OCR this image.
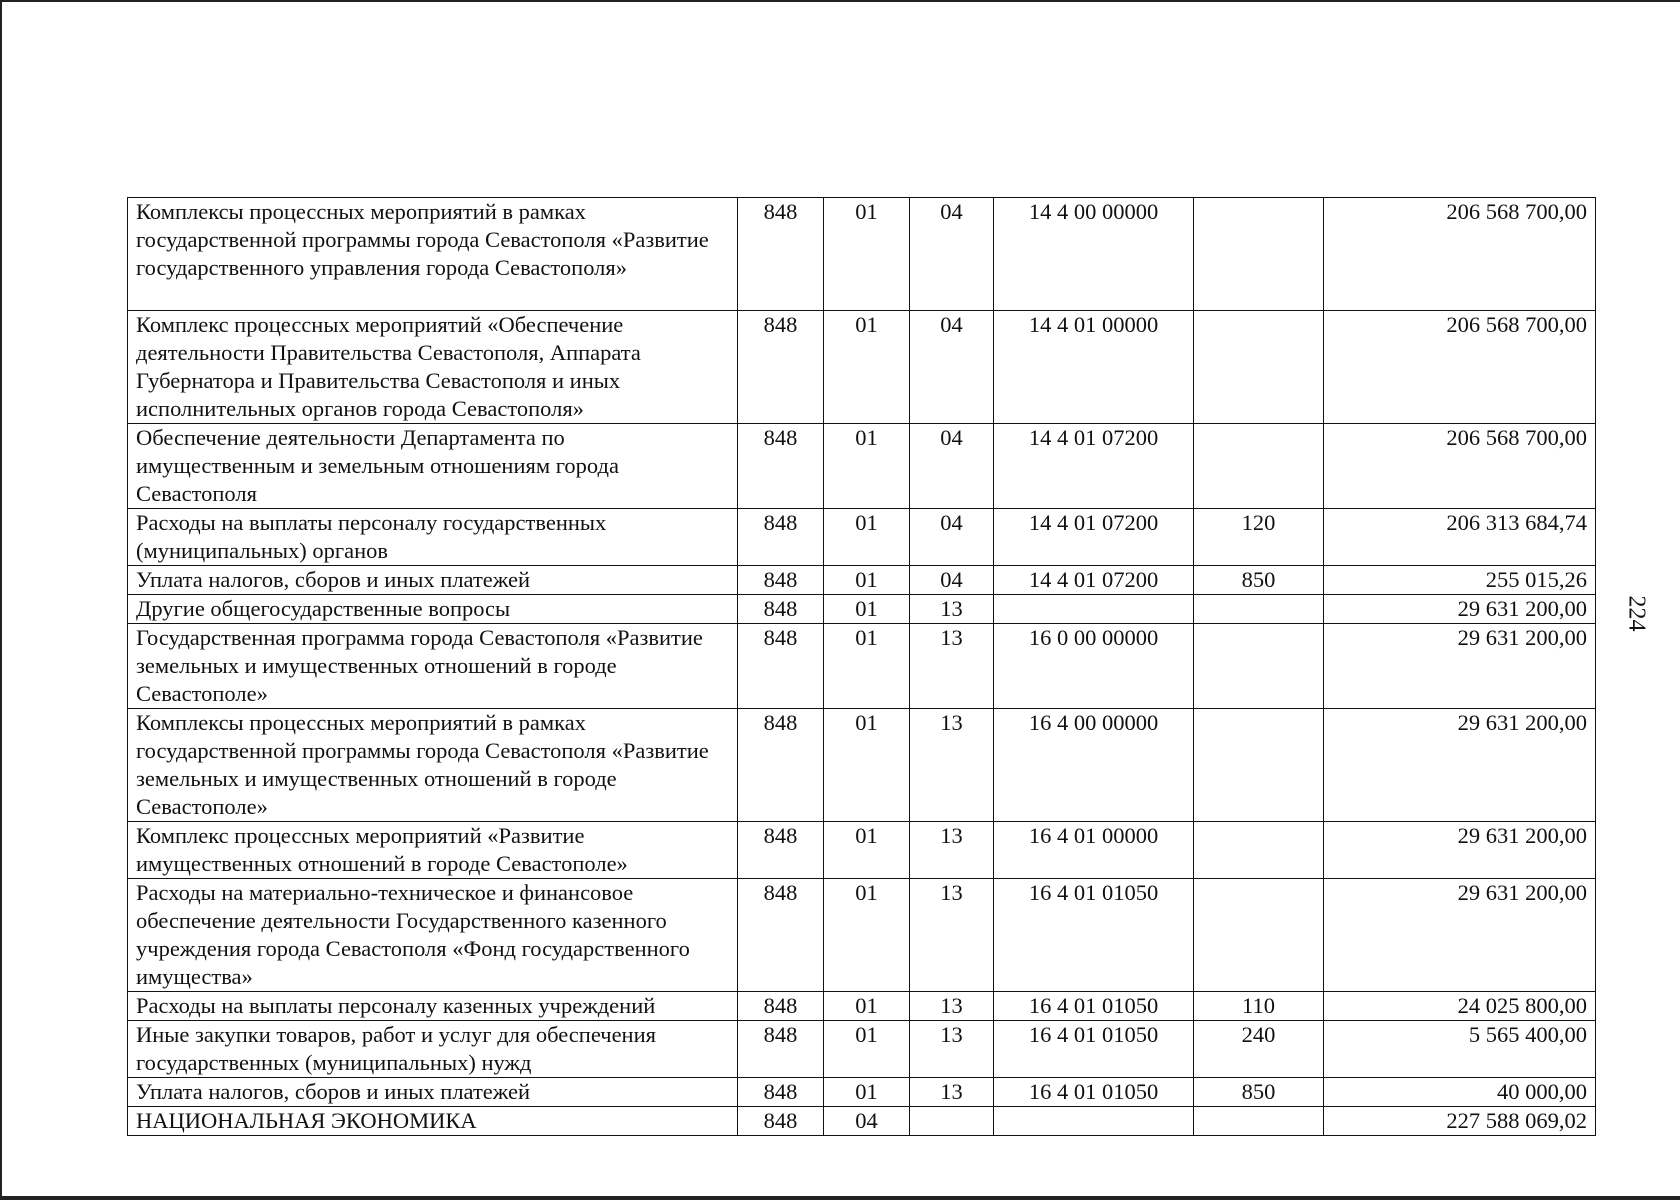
Комплексы процессных мероприятий в рамках государственной программы города Севастополя «Развитие государственного управления города Севастополя»	848	01	04	14 4 00 00000		206 568 700,00
Комплекс процессных мероприятий «Обеспечение деятельности Правительства Севастополя, Аппарата Губернатора и Правительства Севастополя и иных исполнительных органов города Севастополя»	848	01	04	14 4 01 00000		206 568 700,00
Обеспечение деятельности Департамента по имущественным и земельным отношениям города Севастополя	848	01	04	14 4 01 07200		206 568 700,00
Расходы на выплаты персоналу государственных (муниципальных) органов	848	01	04	14 4 01 07200	120	206 313 684,74
Уплата налогов, сборов и иных платежей	848	01	04	14 4 01 07200	850	255 015,26
Другие общегосударственные вопросы	848	01	13			29 631 200,00
Государственная программа города Севастополя «Развитие земельных и имущественных отношений в городе Севастополе»	848	01	13	16 0 00 00000		29 631 200,00
Комплексы процессных мероприятий в рамках государственной программы города Севастополя «Развитие земельных и имущественных отношений в городе Севастополе»	848	01	13	16 4 00 00000		29 631 200,00
Комплекс процессных мероприятий «Развитие имущественных отношений в городе Севастополе»	848	01	13	16 4 01 00000		29 631 200,00
Расходы на материально-техническое и финансовое обеспечение деятельности Государственного казенного учреждения города Севастополя «Фонд государственного имущества»	848	01	13	16 4 01 01050		29 631 200,00
Расходы на выплаты персоналу казенных учреждений	848	01	13	16 4 01 01050	110	24 025 800,00
Иные закупки товаров, работ и услуг для обеспечения государственных (муниципальных) нужд	848	01	13	16 4 01 01050	240	5 565 400,00
Уплата налогов, сборов и иных платежей	848	01	13	16 4 01 01050	850	40 000,00
НАЦИОНАЛЬНАЯ ЭКОНОМИКА	848	04				227 588 069,02
224
